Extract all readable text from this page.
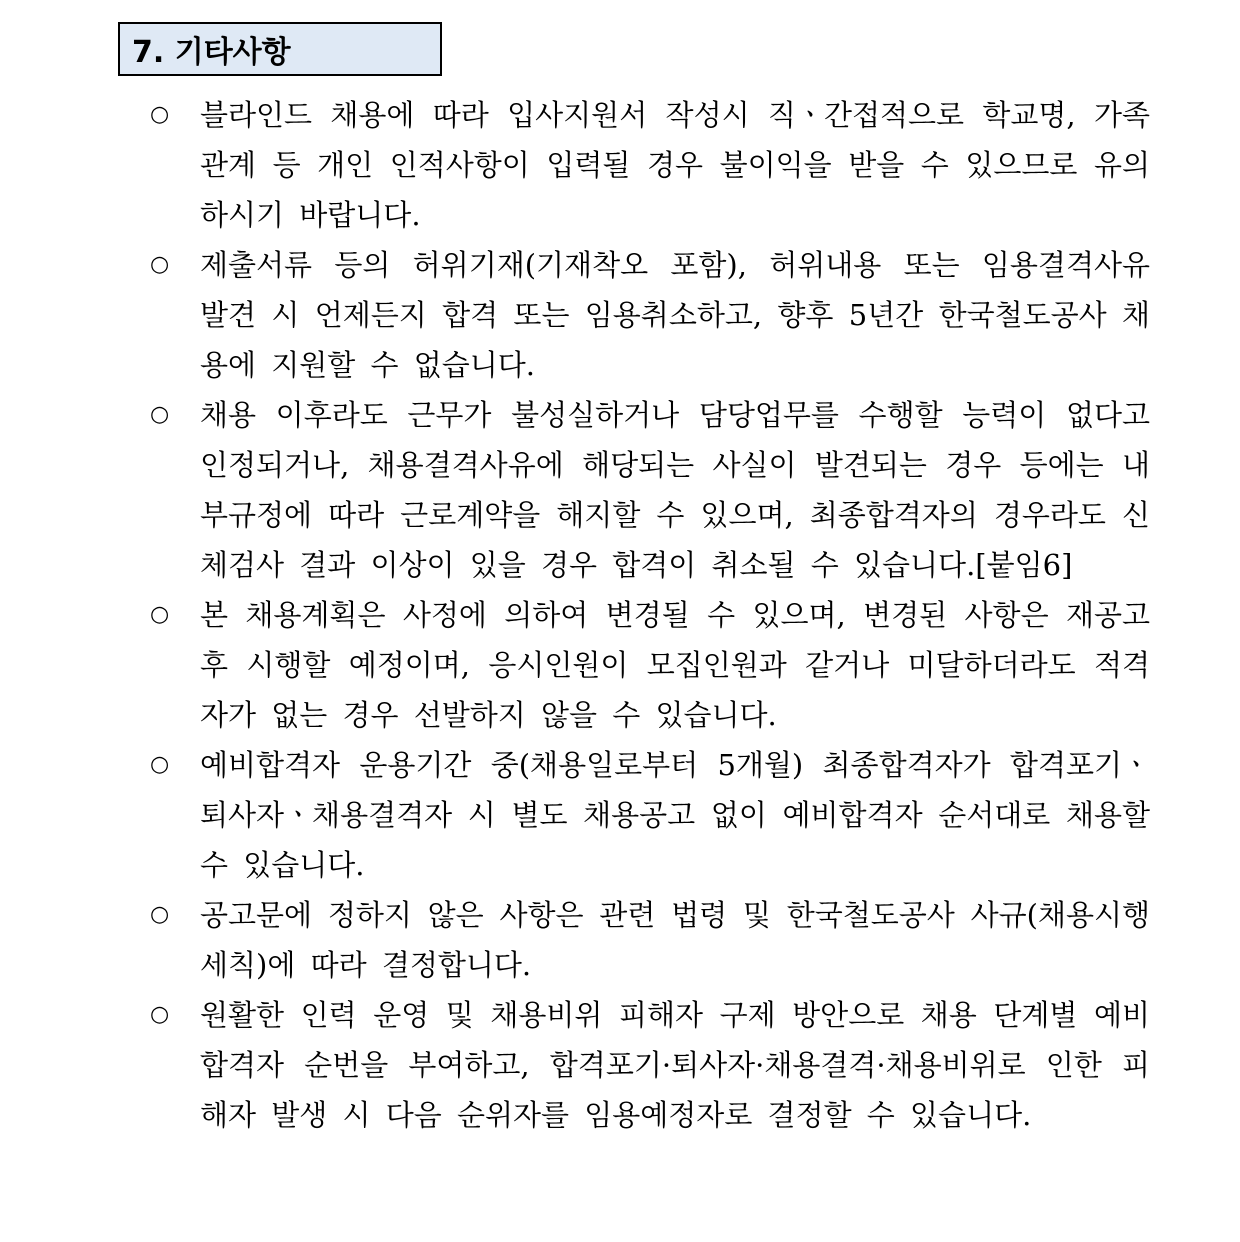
7. 기타사항
○	블라인드 채용에 따라 입사지원서 작성시 직ㆍ간접적으로 학교명, 가족관계 등 개인 인적사항이 입력될 경우 불이익을 받을 수 있으므로 유의하시기 바랍니다.
○	제출서류 등의 허위기재(기재착오 포함), 허위내용 또는 임용결격사유 발견 시 언제든지 합격 또는 임용취소하고, 향후 5년간 한국철도공사 채용에 지원할 수 없습니다.
○	채용 이후라도 근무가 불성실하거나 담당업무를 수행할 능력이 없다고 인정되거나, 채용결격사유에 해당되는 사실이 발견되는 경우 등에는 내부규정에 따라 근로계약을 해지할 수 있으며, 최종합격자의 경우라도 신체검사 결과 이상이 있을 경우 합격이 취소될 수 있습니다.[붙임6]
○	본 채용계획은 사정에 의하여 변경될 수 있으며, 변경된 사항은 재공고 후 시행할 예정이며, 응시인원이 모집인원과 같거나 미달하더라도 적격자가 없는 경우 선발하지 않을 수 있습니다.
○	예비합격자 운용기간 중(채용일로부터 5개월) 최종합격자가 합격포기ㆍ퇴사자ㆍ채용결격자 시 별도 채용공고 없이 예비합격자 순서대로 채용할 수 있습니다.
○	공고문에 정하지 않은 사항은 관련 법령 및 한국철도공사 사규(채용시행세칙)에 따라 결정합니다.
○	원활한 인력 운영 및 채용비위 피해자 구제 방안으로 채용 단계별 예비합격자 순번을 부여하고, 합격포기·퇴사자·채용결격·채용비위로 인한 피해자 발생 시 다음 순위자를 임용예정자로 결정할 수 있습니다.
